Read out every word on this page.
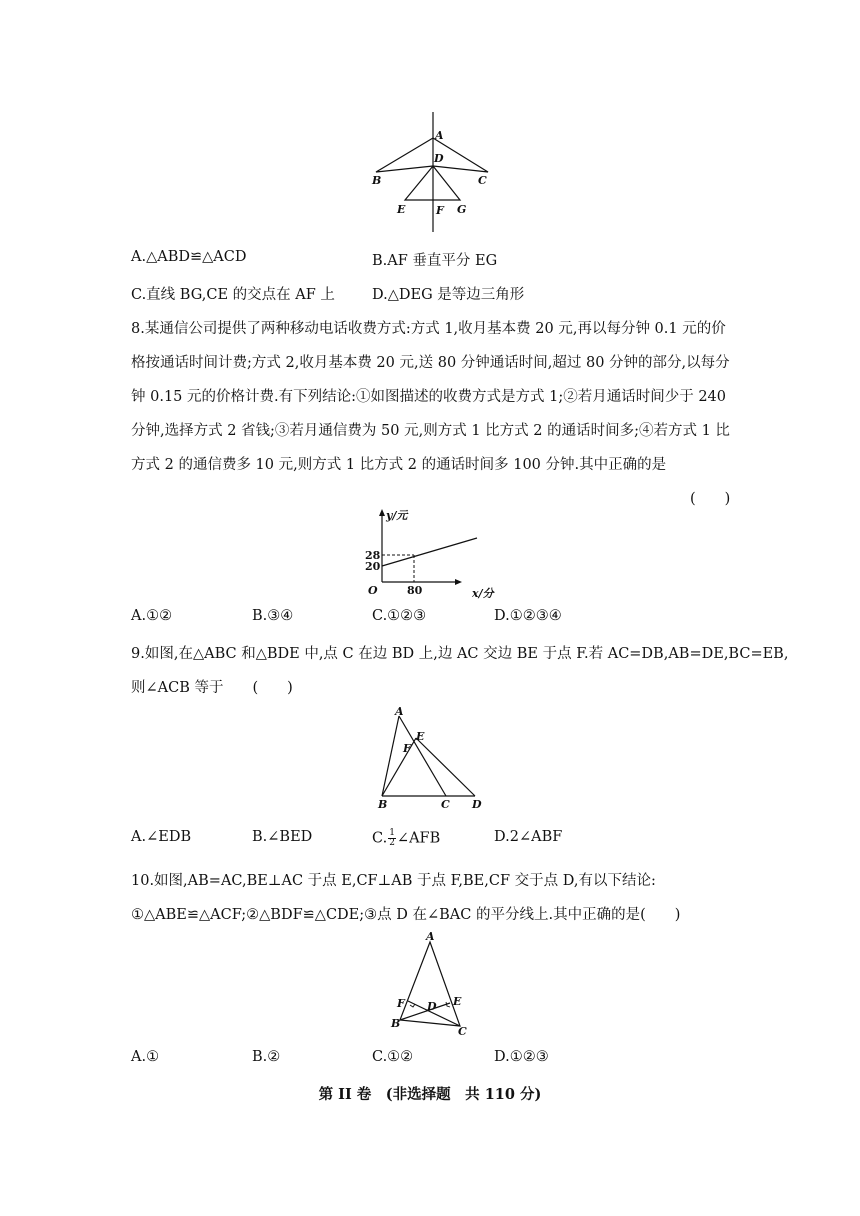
A
D
B	C
E	F G
A.△ABD≌△ACD	B.AF 垂直平分 EG
C.直线 BG,CE 的交点在 AF 上	D.△DEG 是等边三角形
8.某通信公司提供了两种移动电话收费方式:方式 1,收月基本费 20 元,再以每分钟 0.1 元的价
格按通话时间计费;方式 2,收月基本费 20 元,送 80 分钟通话时间,超过 80 分钟的部分,以每分
钟 0.15 元的价格计费.有下列结论:①如图描述的收费方式是方式 1;②若月通话时间少于 240
分钟,选择方式 2 省钱;③若月通信费为 50 元,则方式 1 比方式 2 的通话时间多;④若方式 1 比
方式 2 的通信费多 10 元,则方式 1 比方式 2 的通话时间多 100 分钟.其中正确的是
(　　)
y/元
x/分
O
28
20
80
A.①②	B.③④	C.①②③	D.①②③④
9.如图,在△ABC 和△BDE 中,点 C 在边 BD 上,边 AC 交边 BE 于点 F.若 AC=DB,AB=DE,BC=EB,
则∠ACB 等于　　(　　)
A
E
F
B	C D
A.∠EDB	B.∠BED	C. $\frac{1}{2}$ ∠AFB	D.2∠ABF
10.如图,AB=AC,BE⊥AC 于点 E,CF⊥AB 于点 F,BE,CF 交于点 D,有以下结论:
①△ABE≌△ACF;②△BDF≌△CDE;③点 D 在∠BAC 的平分线上.其中正确的是(　　)
A
F D E
B
C
A.①	B.②	C.①②	D.①②③
第 II 卷　(非选择题　共 110 分)
